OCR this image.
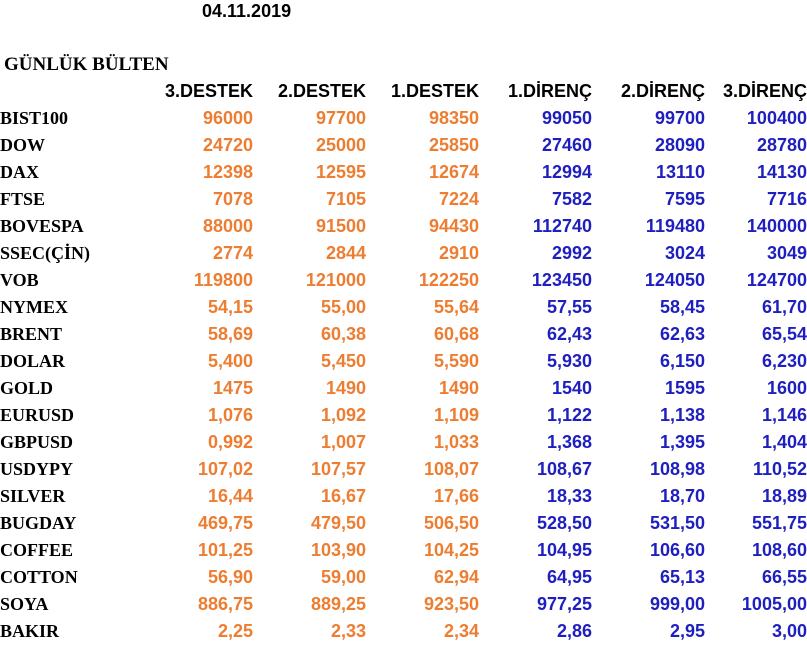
04.11.2019
GÜNLÜK BÜLTEN
	3.DESTEK	2.DESTEK	1.DESTEK	1.DİRENÇ	2.DİRENÇ	3.DİRENÇ
BIST100	96000	97700	98350	99050	99700	100400
DOW	24720	25000	25850	27460	28090	28780
DAX	12398	12595	12674	12994	13110	14130
FTSE	7078	7105	7224	7582	7595	7716
BOVESPA	88000	91500	94430	112740	119480	140000
SSEC(ÇİN)	2774	2844	2910	2992	3024	3049
VOB	119800	121000	122250	123450	124050	124700
NYMEX	54,15	55,00	55,64	57,55	58,45	61,70
BRENT	58,69	60,38	60,68	62,43	62,63	65,54
DOLAR	5,400	5,450	5,590	5,930	6,150	6,230
GOLD	1475	1490	1490	1540	1595	1600
EURUSD	1,076	1,092	1,109	1,122	1,138	1,146
GBPUSD	0,992	1,007	1,033	1,368	1,395	1,404
USDYPY	107,02	107,57	108,07	108,67	108,98	110,52
SILVER	16,44	16,67	17,66	18,33	18,70	18,89
BUGDAY	469,75	479,50	506,50	528,50	531,50	551,75
COFFEE	101,25	103,90	104,25	104,95	106,60	108,60
COTTON	56,90	59,00	62,94	64,95	65,13	66,55
SOYA	886,75	889,25	923,50	977,25	999,00	1005,00
BAKIR	2,25	2,33	2,34	2,86	2,95	3,00
